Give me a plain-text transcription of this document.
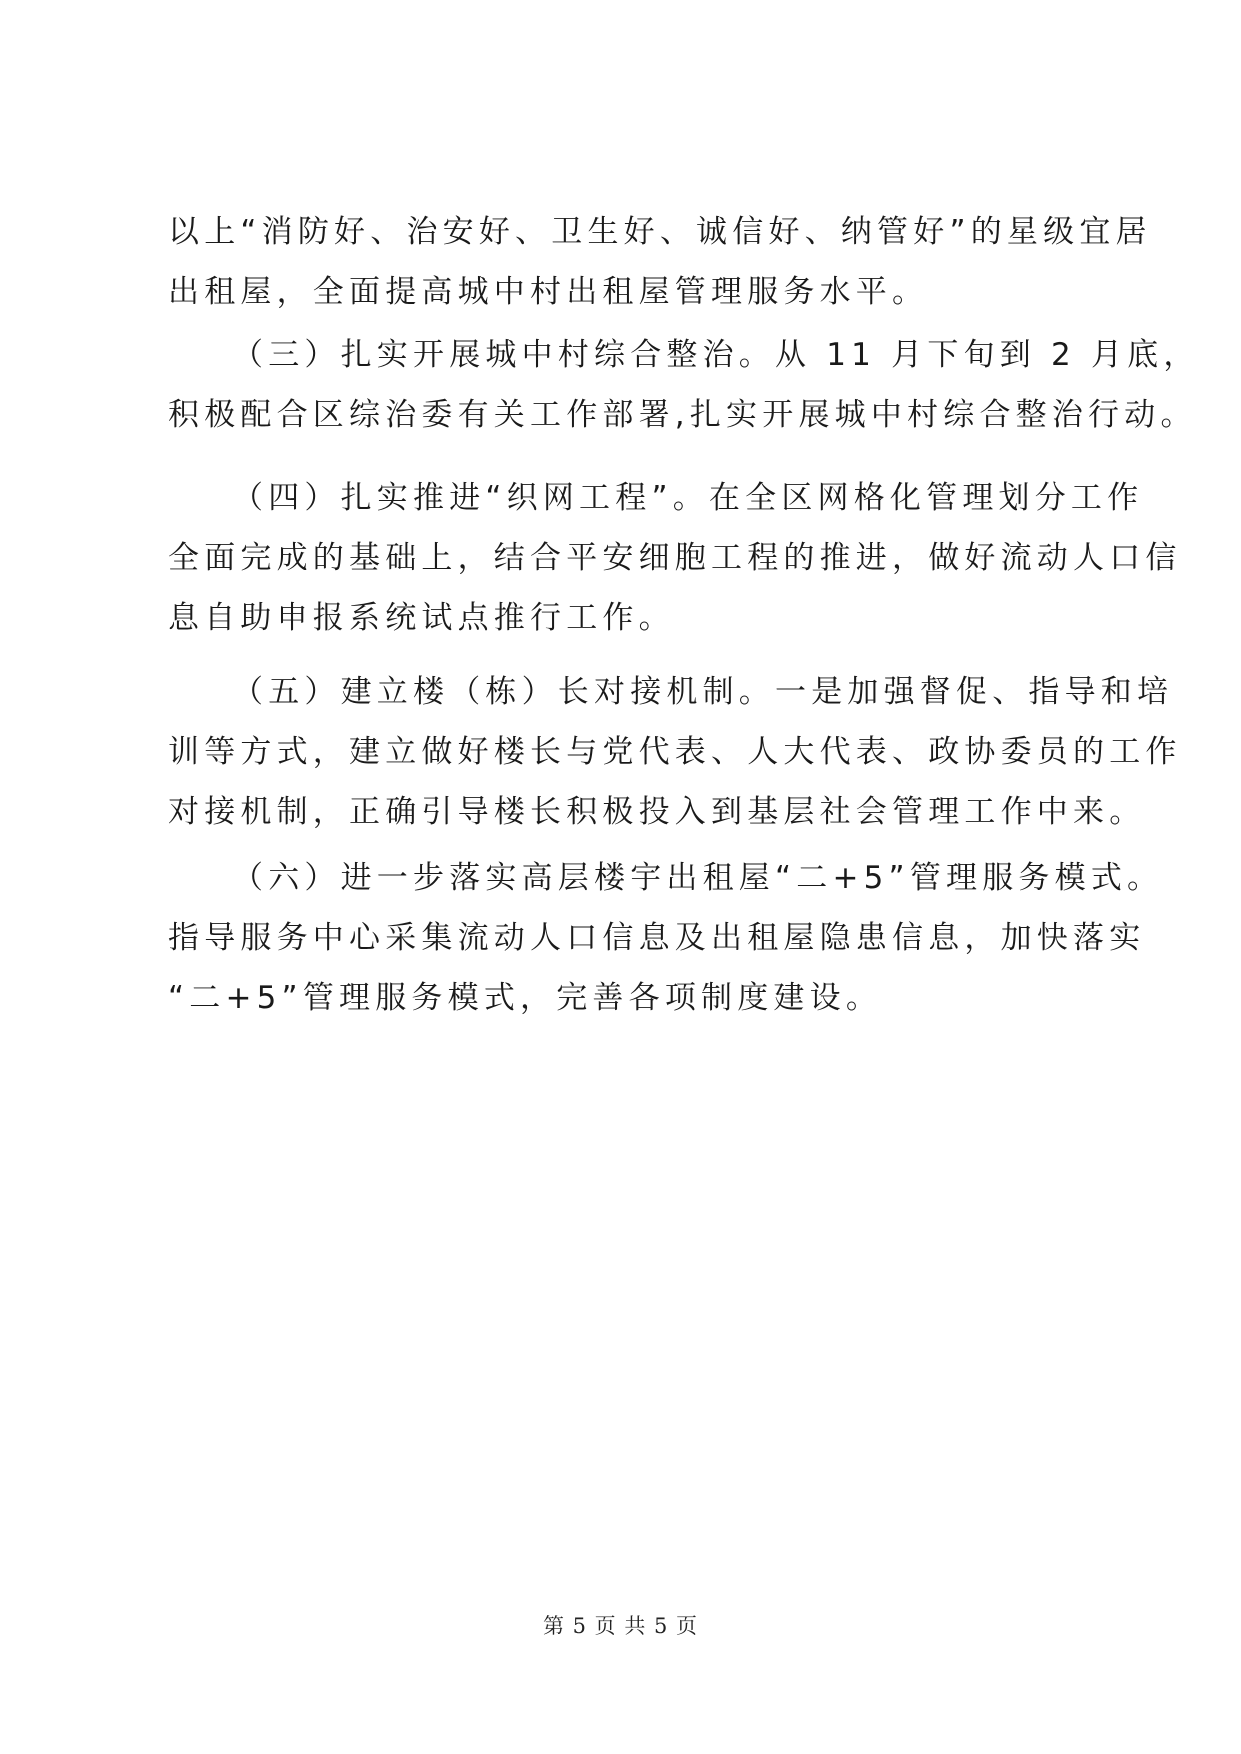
以上“消防好、治安好、卫生好、诚信好、纳管好”的星级宜居
出租屋，全面提高城中村出租屋管理服务水平。
（三）扎实开展城中村综合整治。从 11 月下旬到 2 月底，
积极配合区综治委有关工作部署,扎实开展城中村综合整治行动。
（四）扎实推进“织网工程”。在全区网格化管理划分工作
全面完成的基础上，结合平安细胞工程的推进，做好流动人口信
息自助申报系统试点推行工作。
（五）建立楼（栋）长对接机制。一是加强督促、指导和培
训等方式，建立做好楼长与党代表、人大代表、政协委员的工作
对接机制，正确引导楼长积极投入到基层社会管理工作中来。
（六）进一步落实高层楼宇出租屋“二+5”管理服务模式。
指导服务中心采集流动人口信息及出租屋隐患信息，加快落实
“二+5”管理服务模式，完善各项制度建设。
第 5 页 共 5 页
